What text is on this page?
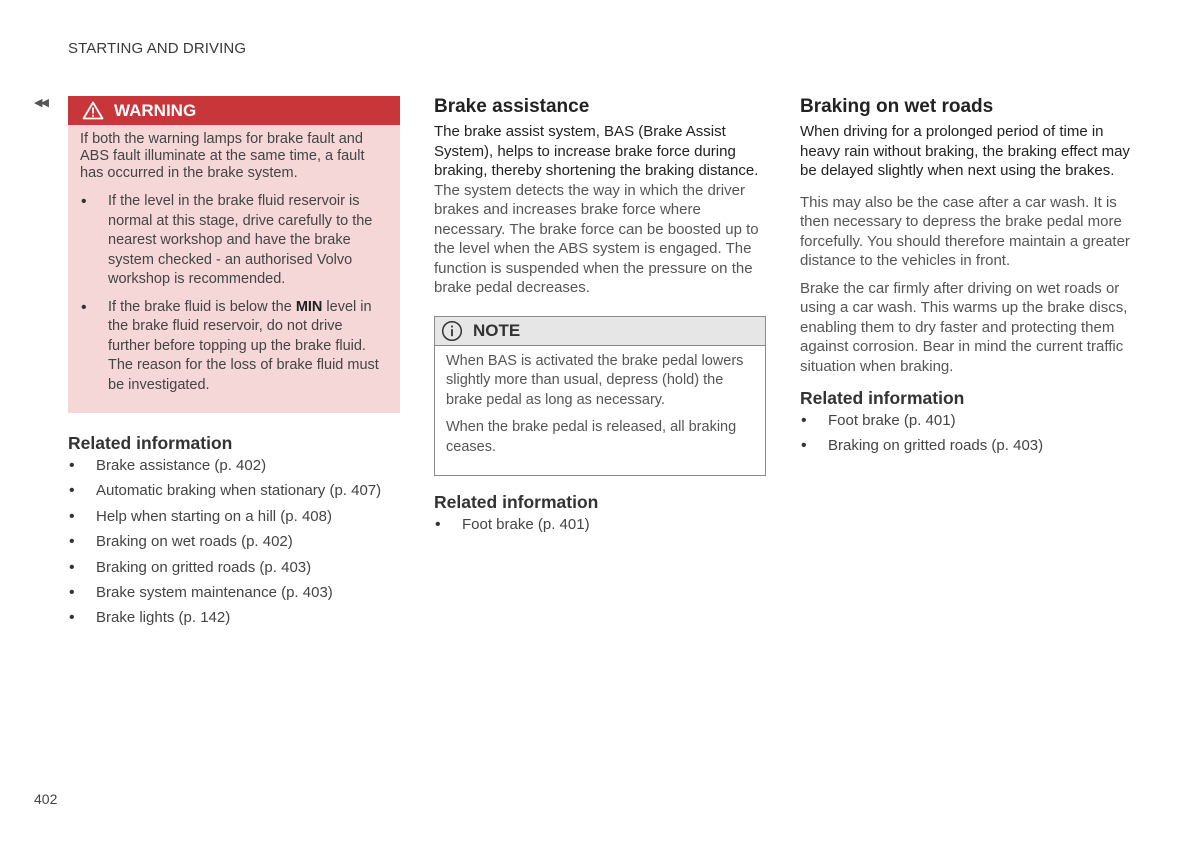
STARTING AND DRIVING
◀◀	WARNING

If both the warning lamps for brake fault and ABS fault illuminate at the same time, a fault has occurred in the brake system.

• If the level in the brake fluid reservoir is normal at this stage, drive carefully to the nearest workshop and have the brake system checked - an authorised Volvo workshop is recommended.
• If the brake fluid is below the MIN level in the brake fluid reservoir, do not drive further before topping up the brake fluid. The reason for the loss of brake fluid must be investigated.
Related information
• Brake assistance (p. 402)
• Automatic braking when stationary (p. 407)
• Help when starting on a hill (p. 408)
• Braking on wet roads (p. 402)
• Braking on gritted roads (p. 403)
• Brake system maintenance (p. 403)
• Brake lights (p. 142)
Brake assistance

The brake assist system, BAS (Brake Assist System), helps to increase brake force during braking, thereby shortening the braking distance.

The system detects the way in which the driver brakes and increases brake force where necessary. The brake force can be boosted up to the level when the ABS system is engaged. The function is suspended when the pressure on the brake pedal decreases.

NOTE

When BAS is activated the brake pedal lowers slightly more than usual, depress (hold) the brake pedal as long as necessary.

When the brake pedal is released, all braking ceases.

Related information
• Foot brake (p. 401)
Braking on wet roads

When driving for a prolonged period of time in heavy rain without braking, the braking effect may be delayed slightly when next using the brakes.

This may also be the case after a car wash. It is then necessary to depress the brake pedal more forcefully. You should therefore maintain a greater distance to the vehicles in front.

Brake the car firmly after driving on wet roads or using a car wash. This warms up the brake discs, enabling them to dry faster and protecting them against corrosion. Bear in mind the current traffic situation when braking.

Related information
• Foot brake (p. 401)
• Braking on gritted roads (p. 403)
402
